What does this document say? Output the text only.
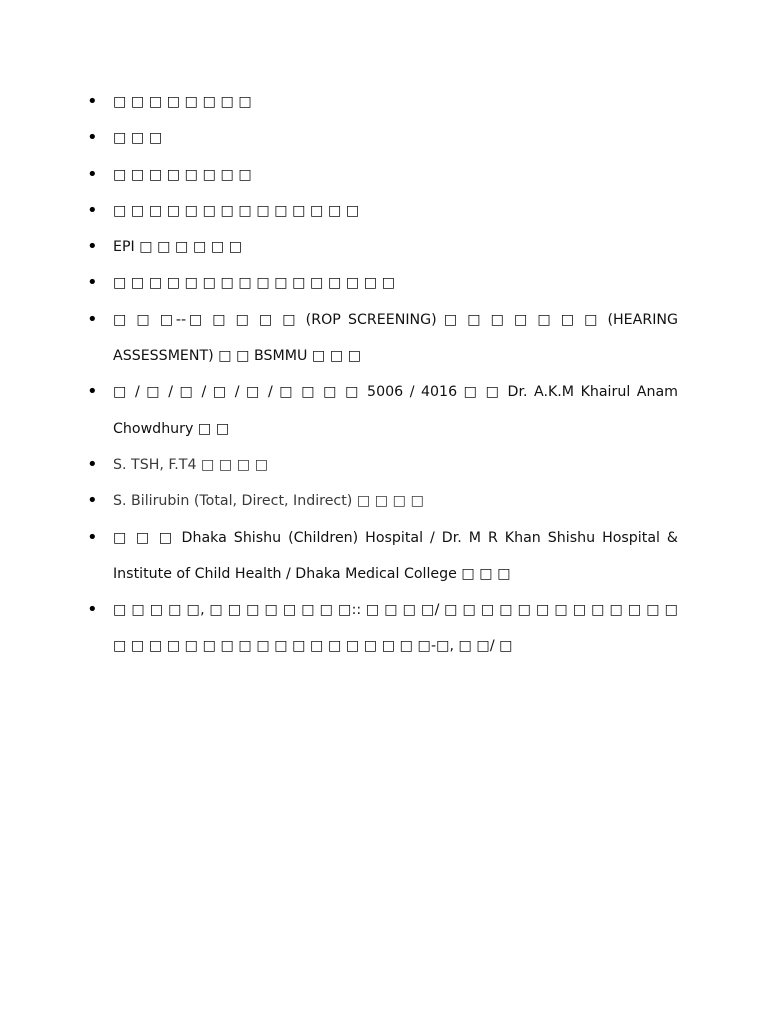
• □ □ □ □ □ □ □ □
• □ □ □
• □ □ □ □ □ □ □ □
• □ □ □ □ □ □ □ □ □ □ □ □ □ □
• EPI □ □ □ □ □ □
• □ □ □ □ □ □ □ □ □ □ □ □ □ □ □ □
• □ □ □--□ □ □ □ □ (ROP SCREENING) □ □ □ □ □ □ □ (HEARING ASSESSMENT) □ □ BSMMU □ □ □
• □ / □ / □ / □ / □ / □ □ □ □ 5006 / 4016 □ □ Dr. A.K.M Khairul Anam Chowdhury □ □
• S. TSH, F.T4 □ □ □ □
• S. Bilirubin (Total, Direct, Indirect) □ □ □ □
• □ □ □ Dhaka Shishu (Children) Hospital / Dr. M R Khan Shishu Hospital & Institute of Child Health / Dhaka Medical College □ □ □
• □ □ □ □ □, □ □ □ □ □ □ □ □:: □ □ □ □/ □ □ □ □ □ □ □ □ □ □ □ □ □ □ □ □ □ □ □ □ □ □ □ □ □ □ □ □ □ □ □-□, □ □/ □
